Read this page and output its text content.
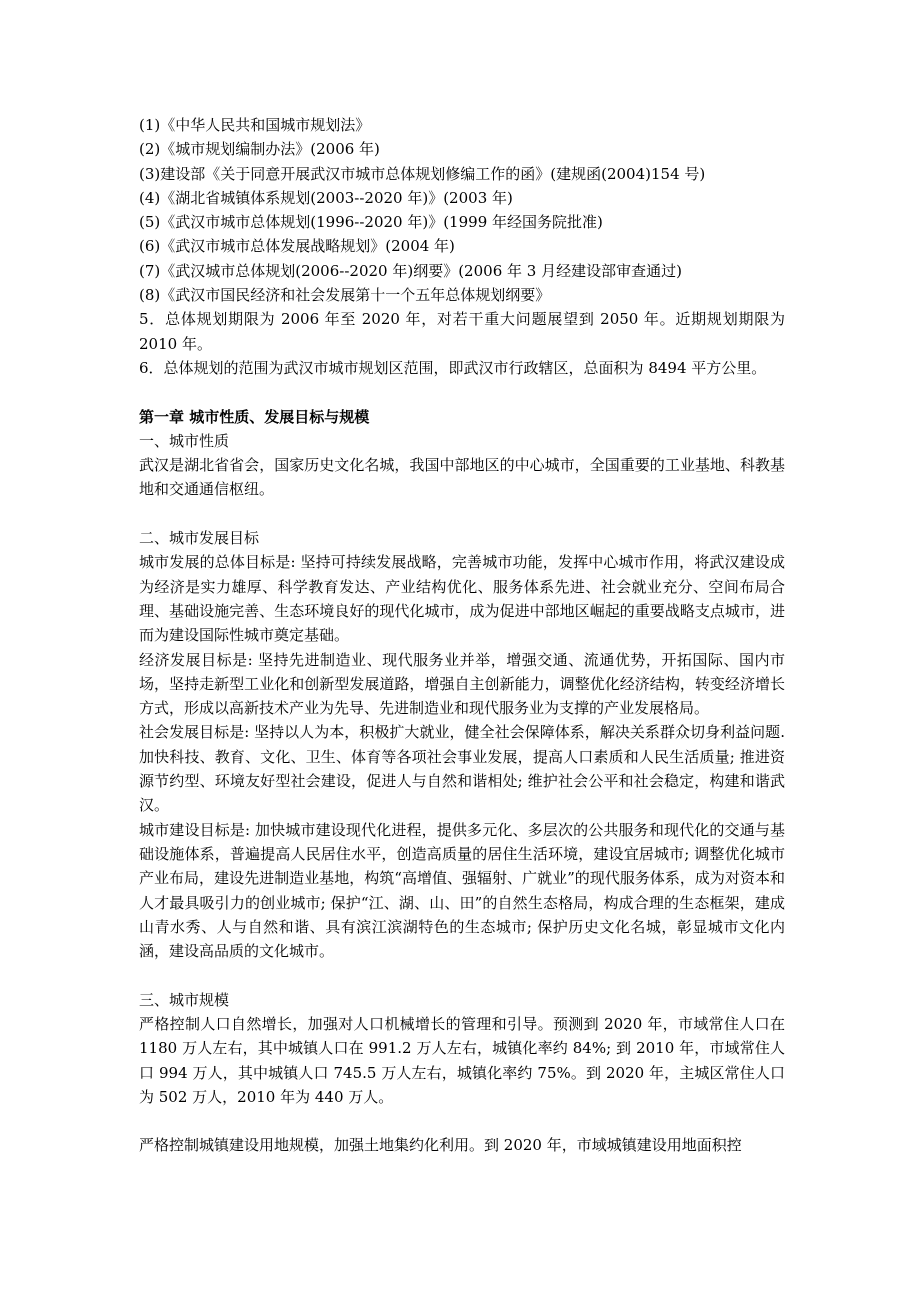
(1)《中华人民共和国城市规划法》

(2)《城市规划编制办法》(2006 年)

(3)建设部《关于同意开展武汉市城市总体规划修编工作的函》(建规函(2004)154 号)

(4)《湖北省城镇体系规划(2003--2020 年)》(2003 年)

(5)《武汉市城市总体规划(1996--2020 年)》(1999 年经国务院批准)

(6)《武汉市城市总体发展战略规划》(2004 年)

(7)《武汉城市总体规划(2006--2020 年)纲要》(2006 年 3 月经建设部审查通过)

(8)《武汉市国民经济和社会发展第十一个五年总体规划纲要》

5．总体规划期限为 2006 年至 2020 年，对若干重大问题展望到 2050 年。近期规划期限为 2010 年。

6．总体规划的范围为武汉市城市规划区范围，即武汉市行政辖区，总面积为 8494 平方公里。

第一章 城市性质、发展目标与规模

一、城市性质

武汉是湖北省省会，国家历史文化名城，我国中部地区的中心城市，全国重要的工业基地、科教基地和交通通信枢纽。

二、城市发展目标

城市发展的总体目标是: 坚持可持续发展战略，完善城市功能，发挥中心城市作用，将武汉建设成为经济是实力雄厚、科学教育发达、产业结构优化、服务体系先进、社会就业充分、空间布局合理、基础设施完善、生态环境良好的现代化城市，成为促进中部地区崛起的重要战略支点城市，进而为建设国际性城市奠定基础。

经济发展目标是: 坚持先进制造业、现代服务业并举，增强交通、流通优势，开拓国际、国内市场，坚持走新型工业化和创新型发展道路，增强自主创新能力，调整优化经济结构，转变经济增长方式，形成以高新技术产业为先导、先进制造业和现代服务业为支撑的产业发展格局。

社会发展目标是: 坚持以人为本，积极扩大就业，健全社会保障体系，解决关系群众切身利益问题. 加快科技、教育、文化、卫生、体育等各项社会事业发展，提高人口素质和人民生活质量; 推进资源节约型、环境友好型社会建设，促进人与自然和谐相处; 维护社会公平和社会稳定，构建和谐武汉。

城市建设目标是: 加快城市建设现代化进程，提供多元化、多层次的公共服务和现代化的交通与基础设施体系，普遍提高人民居住水平，创造高质量的居住生活环境，建设宜居城市; 调整优化城市产业布局，建设先进制造业基地，构筑“高增值、强辐射、广就业”的现代服务体系，成为对资本和人才最具吸引力的创业城市; 保护“江、湖、山、田”的自然生态格局，构成合理的生态框架，建成山青水秀、人与自然和谐、具有滨江滨湖特色的生态城市; 保护历史文化名城，彰显城市文化内涵，建设高品质的文化城市。

三、城市规模

严格控制人口自然增长，加强对人口机械增长的管理和引导。预测到 2020 年，市域常住人口在 1180 万人左右，其中城镇人口在 991.2 万人左右，城镇化率约 84%; 到 2010 年，市域常住人口 994 万人，其中城镇人口 745.5 万人左右，城镇化率约 75%。到 2020 年，主城区常住人口为 502 万人，2010 年为 440 万人。

严格控制城镇建设用地规模，加强土地集约化利用。到 2020 年，市域城镇建设用地面积控
